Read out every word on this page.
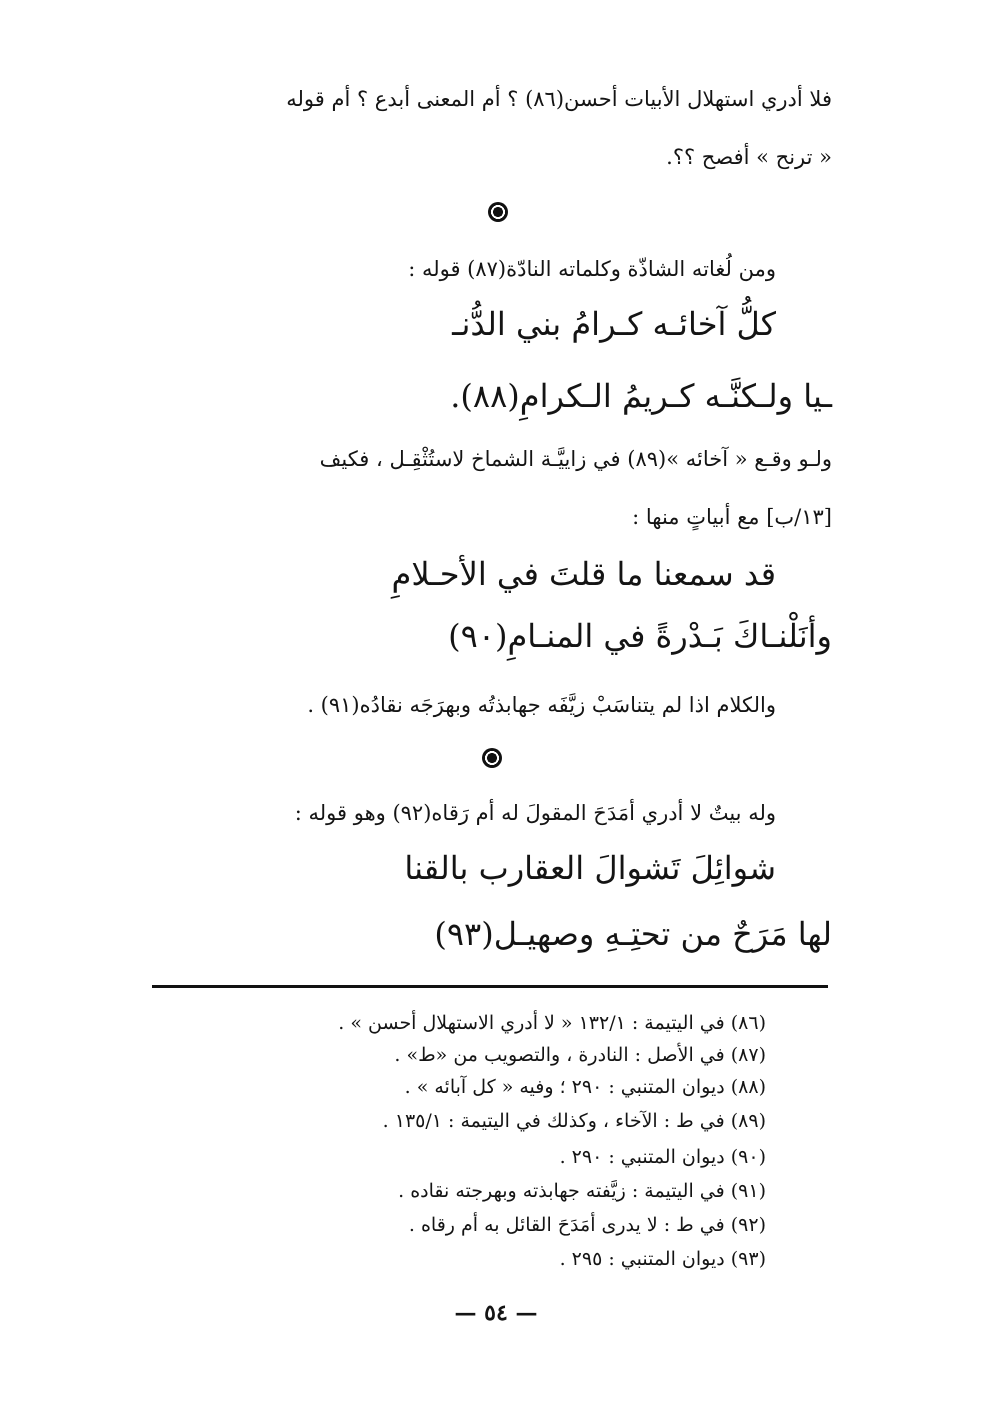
فلا أدري استهلال الأبيات أحسن(٨٦) ؟ أم المعنى أبدع ؟ أم قوله
« ترنح » أفصح ؟؟.
ومن لُغاته الشاذّة وكلماته النادّة(٨٧) قوله :
كلُّ آخائـه كـرامُ بني الدُّنـ
ـيا ولـكنَّـه كـريمُ الـكرامِ(٨٨).
ولـو وقـع « آخائه »(٨٩) في زاييَّـة الشماخ لاستُثْقِـل ، فكيف
[١٣/ب] مع أبياتٍ منها :
قد سمعنا ما قلتَ في الأحـلامِ
وأنَلْنـاكَ بَـدْرةً في المنـامِ(٩٠)
والكلام اذا لم يتناسَبْ زيَّفَه جهابذتُه وبهرَجَه نقادُه(٩١) .
وله بيتٌ لا أدري أمَدَحَ المقولَ له أم رَقاه(٩٢) وهو قوله :
شوائِلَ تَشوالَ العقارب بالقنا
لها مَرَحٌ من تحتِـهِ وصهيـل(٩٣)
(٨٦) في اليتيمة : ١٣٢/١ « لا أدري الاستهلال أحسن » .
(٨٧) في الأصل : النادرة ، والتصويب من «ط» .
(٨٨) ديوان المتنبي : ٢٩٠ ؛ وفيه « كل آبائه » .
(٨٩) في ط : الآخاء ، وكذلك في اليتيمة : ١٣٥/١ .
(٩٠) ديوان المتنبي : ٢٩٠ .
(٩١) في اليتيمة : زيَّفته جهابذته وبهرجته نقاده .
(٩٢) في ط : لا يدرى أمَدَحَ القائل به أم رقاه .
(٩٣) ديوان المتنبي : ٢٩٥ .
— ٥٤ —
